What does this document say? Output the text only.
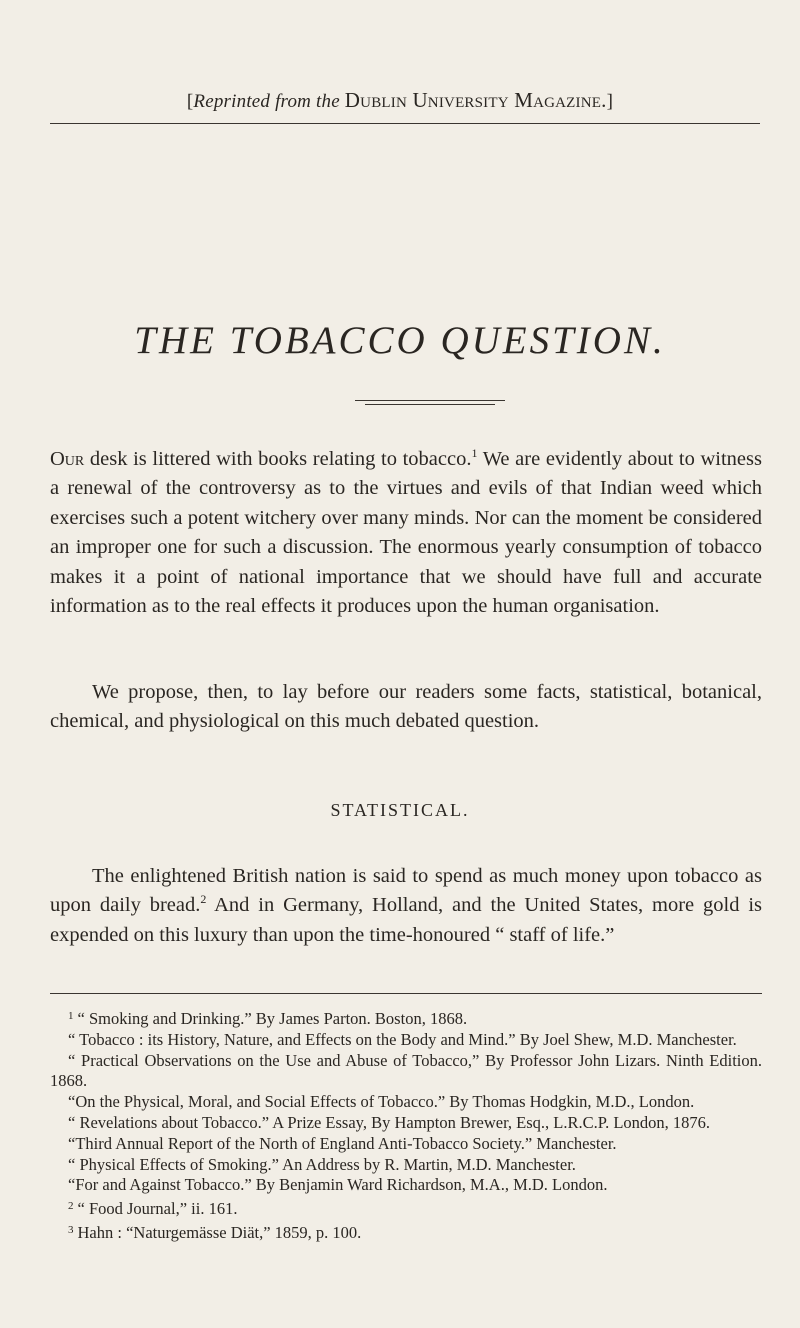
[Reprinted from the Dublin University Magazine.]
THE TOBACCO QUESTION.
Our desk is littered with books relating to tobacco.$^1$ We are evidently about to witness a renewal of the controversy as to the virtues and evils of that Indian weed which exercises such a potent witchery over many minds. Nor can the moment be considered an improper one for such a discussion. The enormous yearly consumption of tobacco makes it a point of national importance that we should have full and accurate information as to the real effects it produces upon the human organisation.
We propose, then, to lay before our readers some facts, statistical, botanical, chemical, and physiological on this much debated question.
STATISTICAL.
The enlightened British nation is said to spend as much money upon tobacco as upon daily bread.$^2$ And in Germany, Holland, and the United States, more gold is expended on this luxury than upon the time-honoured “ staff of life.”

$^1$ “ Smoking and Drinking.” By James Parton. Boston, 1868.

“ Tobacco : its History, Nature, and Effects on the Body and Mind.” By Joel Shew, M.D. Manchester.

“ Practical Observations on the Use and Abuse of Tobacco,” By Professor John Lizars. Ninth Edition. 1868.

“On the Physical, Moral, and Social Effects of Tobacco.” By Thomas Hodgkin, M.D., London.

“ Revelations about Tobacco.” A Prize Essay, By Hampton Brewer, Esq., L.R.C.P. London, 1876.

“Third Annual Report of the North of England Anti-Tobacco Society.” Manchester.

“ Physical Effects of Smoking.” An Address by R. Martin, M.D. Manchester.

“For and Against Tobacco.” By Benjamin Ward Richardson, M.A., M.D. London.

$^2$ “ Food Journal,” ii. 161.

$^3$ Hahn : “Naturgemässe Diät,” 1859, p. 100.
